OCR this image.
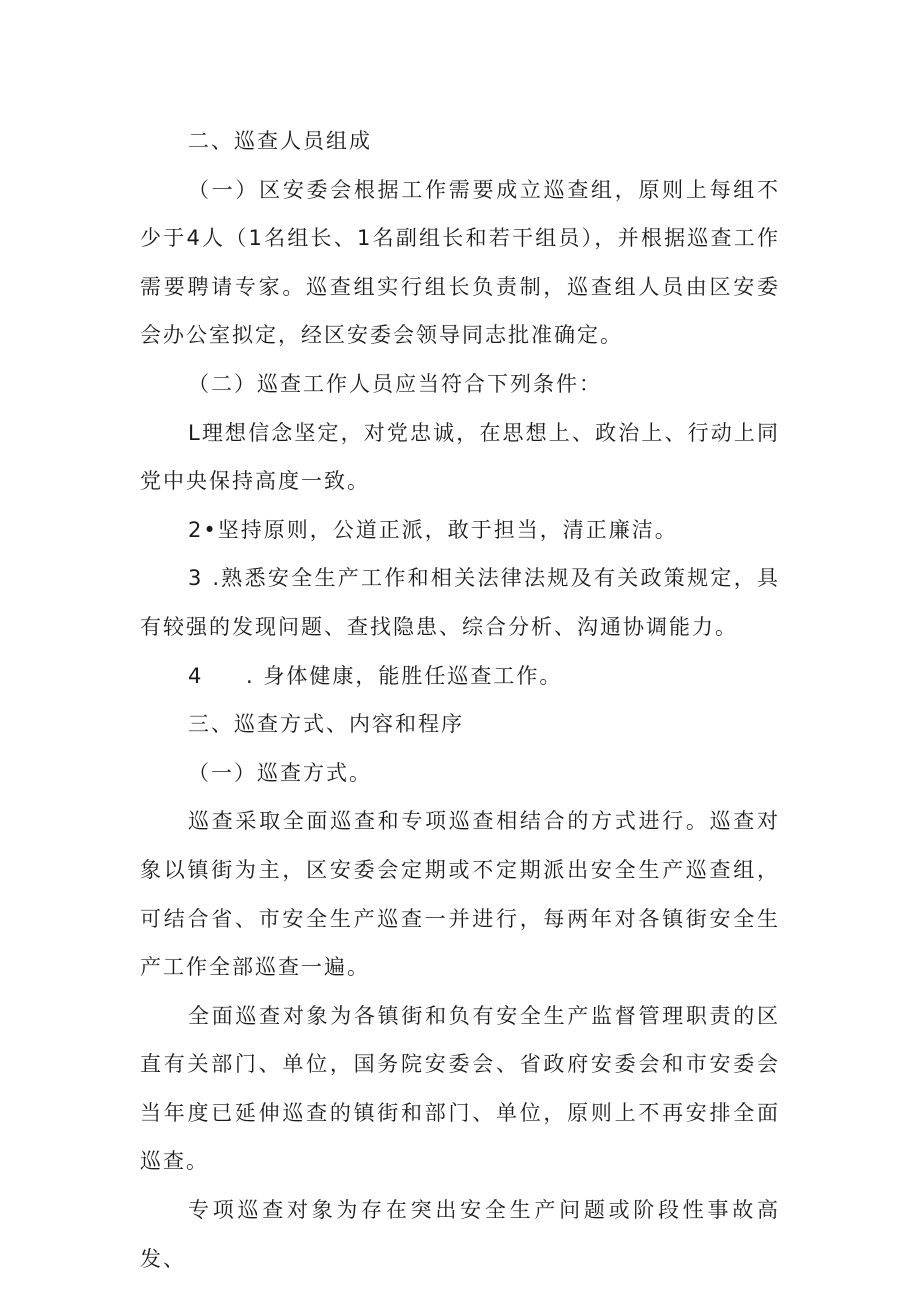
二、巡查人员组成

（一）区安委会根据工作需要成立巡查组，原则上每组不少于4人（1名组长、1名副组长和若干组员），并根据巡查工作需要聘请专家。巡查组实行组长负责制，巡查组人员由区安委会办公室拟定，经区安委会领导同志批准确定。

（二）巡查工作人员应当符合下列条件：

L理想信念坚定，对党忠诚，在思想上、政治上、行动上同党中央保持高度一致。

2•坚持原则，公道正派，敢于担当，清正廉洁。

3 .熟悉安全生产工作和相关法律法规及有关政策规定，具有较强的发现问题、查找隐患、综合分析、沟通协调能力。

4 . 身体健康，能胜任巡查工作。

三、巡查方式、内容和程序

（一）巡查方式。

巡查采取全面巡查和专项巡查相结合的方式进行。巡查对象以镇街为主，区安委会定期或不定期派出安全生产巡查组，可结合省、市安全生产巡查一并进行，每两年对各镇街安全生产工作全部巡查一遍。

全面巡查对象为各镇街和负有安全生产监督管理职责的区直有关部门、单位，国务院安委会、省政府安委会和市安委会当年度已延伸巡查的镇街和部门、单位，原则上不再安排全面巡查。

专项巡查对象为存在突出安全生产问题或阶段性事故高发、
